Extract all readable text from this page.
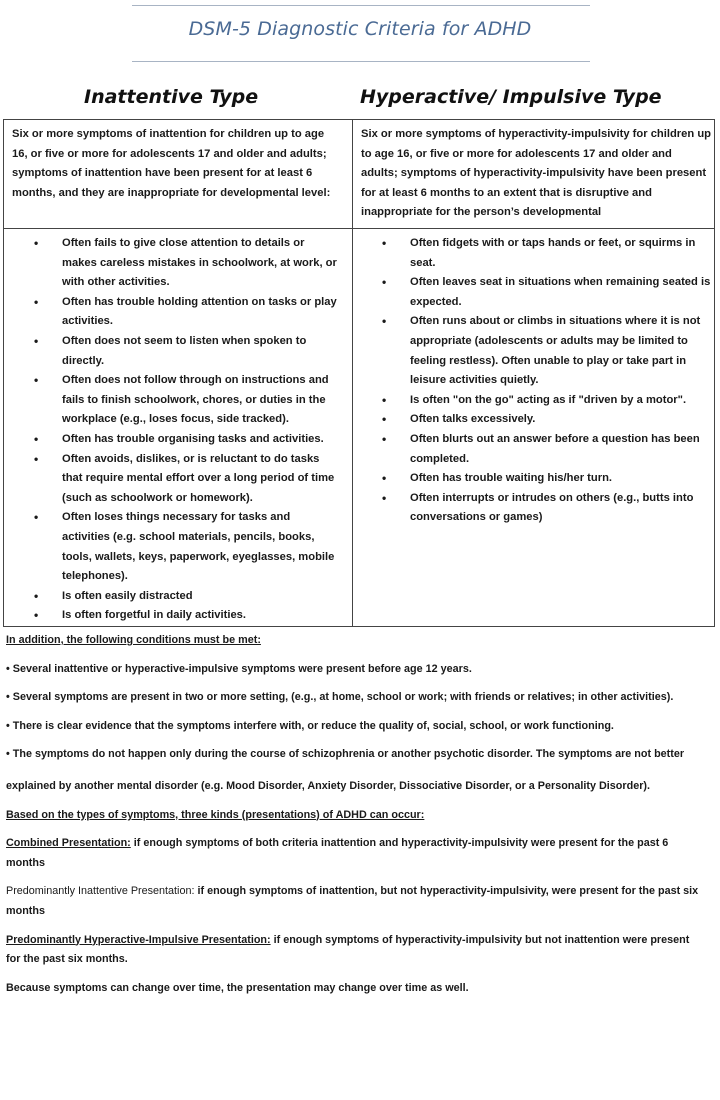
DSM-5 Diagnostic Criteria for ADHD
Inattentive Type	Hyperactive/ Impulsive Type
Six or more symptoms of inattention for children up to age 16, or five or more for adolescents 17 and older and adults; symptoms of inattention have been present for at least 6 months, and they are inappropriate for developmental level:
Six or more symptoms of hyperactivity-impulsivity for children up to age 16, or five or more for adolescents 17 and older and adults; symptoms of hyperactivity-impulsivity have been present for at least 6 months to an extent that is disruptive and inappropriate for the person’s developmental
• Often fails to give close attention to details or makes careless mistakes in schoolwork, at work, or with other activities.
• Often has trouble holding attention on tasks or play activities.
• Often does not seem to listen when spoken to directly.
• Often does not follow through on instructions and fails to finish schoolwork, chores, or duties in the workplace (e.g., loses focus, side tracked).
• Often has trouble organising tasks and activities.
• Often avoids, dislikes, or is reluctant to do tasks that require mental effort over a long period of time (such as schoolwork or homework).
• Often loses things necessary for tasks and activities (e.g. school materials, pencils, books, tools, wallets, keys, paperwork, eyeglasses, mobile telephones).
• Is often easily distracted
• Is often forgetful in daily activities.
• Often fidgets with or taps hands or feet, or squirms in seat.
• Often leaves seat in situations when remaining seated is expected.
• Often runs about or climbs in situations where it is not appropriate (adolescents or adults may be limited to feeling restless). Often unable to play or take part in leisure activities quietly.
• Is often "on the go" acting as if "driven by a motor".
• Often talks excessively.
• Often blurts out an answer before a question has been completed.
• Often has trouble waiting his/her turn.
• Often interrupts or intrudes on others (e.g., butts into conversations or games)

In addition, the following conditions must be met:

• Several inattentive or hyperactive-impulsive symptoms were present before age 12 years.

• Several symptoms are present in two or more setting, (e.g., at home, school or work; with friends or relatives; in other activities).

• There is clear evidence that the symptoms interfere with, or reduce the quality of, social, school, or work functioning.

• The symptoms do not happen only during the course of schizophrenia or another psychotic disorder. The symptoms are not better

explained by another mental disorder (e.g. Mood Disorder, Anxiety Disorder, Dissociative Disorder, or a Personality Disorder).

Based on the types of symptoms, three kinds (presentations) of ADHD can occur:

Combined Presentation: if enough symptoms of both criteria inattention and hyperactivity-impulsivity were present for the past 6 months

Predominantly Inattentive Presentation: if enough symptoms of inattention, but not hyperactivity-impulsivity, were present for the past six months

Predominantly Hyperactive-Impulsive Presentation: if enough symptoms of hyperactivity-impulsivity but not inattention were present for the past six months.

Because symptoms can change over time, the presentation may change over time as well.
